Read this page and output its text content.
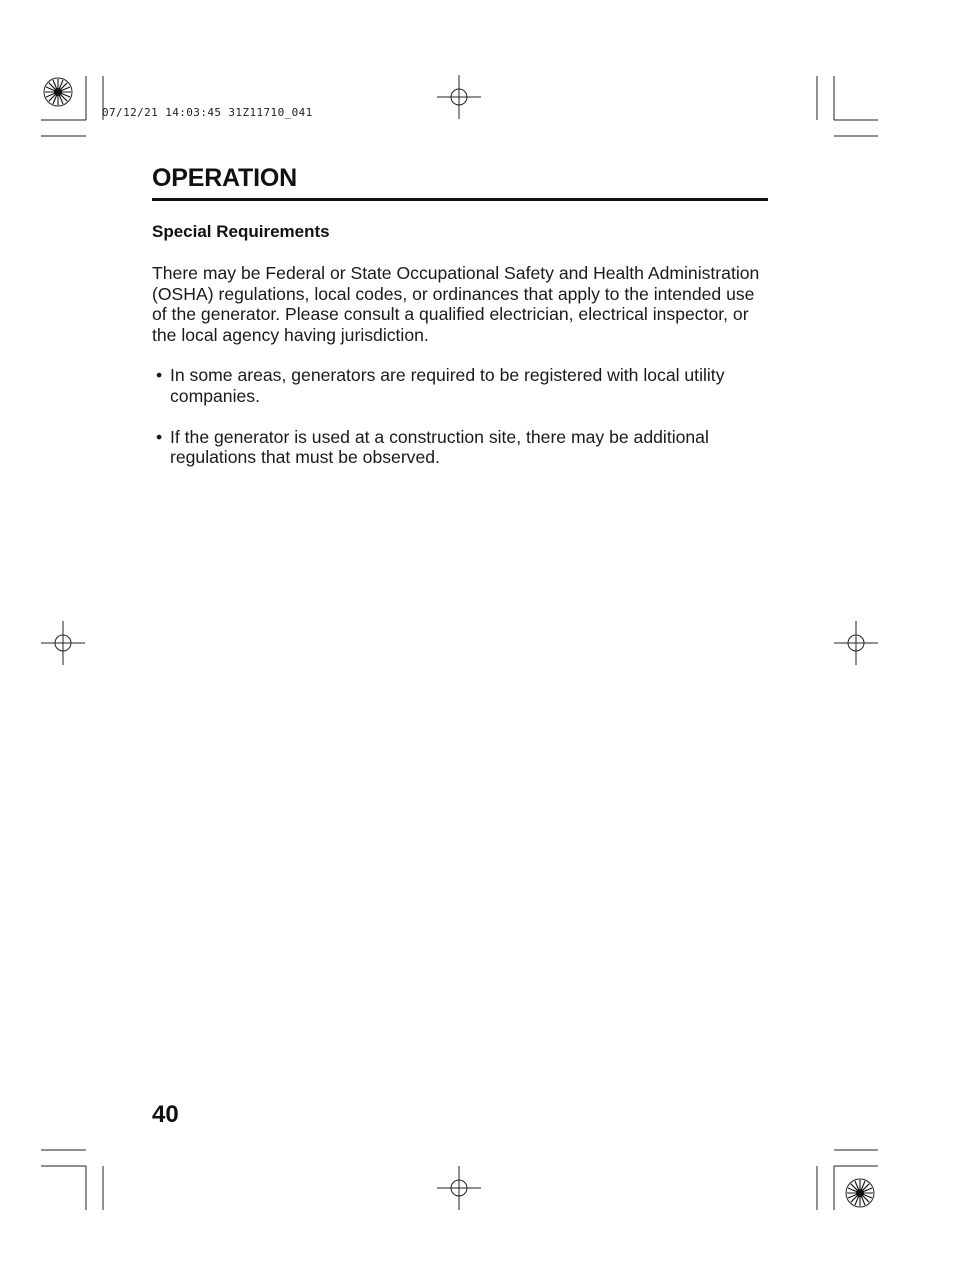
07/12/21 14:03:45 31Z11710_041
OPERATION
Special Requirements

There may be Federal or State Occupational Safety and Health Administration (OSHA) regulations, local codes, or ordinances that apply to the intended use of the generator. Please consult a qualified electrician, electrical inspector, or the local agency having jurisdiction.

• In some areas, generators are required to be registered with local utility companies.
• If the generator is used at a construction site, there may be additional regulations that must be observed.
40
